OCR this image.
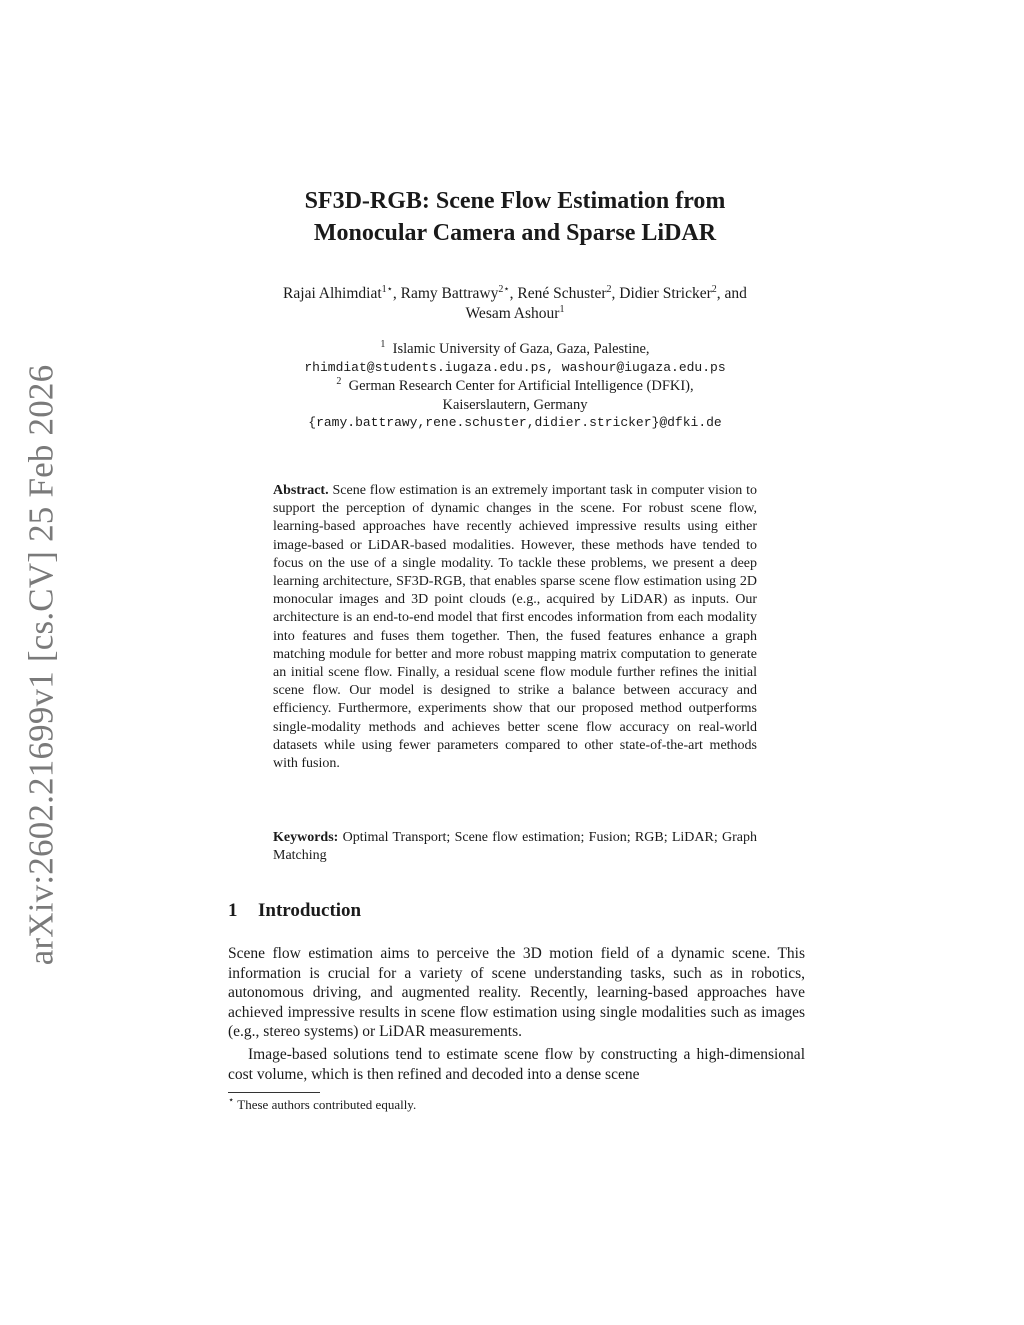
arXiv:2602.21699v1 [cs.CV] 25 Feb 2026
SF3D-RGB: Scene Flow Estimation from
Monocular Camera and Sparse LiDAR
Rajai Alhimdiat$^{1⋆}$, Ramy Battrawy$^{2⋆}$, René Schuster$^2$, Didier Stricker$^2$, and
Wesam Ashour$^1$
$^1$ Islamic University of Gaza, Gaza, Palestine,
rhimdiat@students.iugaza.edu.ps, washour@iugaza.edu.ps
$^2$ German Research Center for Artificial Intelligence (DFKI),
Kaiserslautern, Germany
{ramy.battrawy,rene.schuster,didier.stricker}@dfki.de
Abstract. Scene flow estimation is an extremely important task in computer vision to support the perception of dynamic changes in the scene. For robust scene flow, learning-based approaches have recently achieved impressive results using either image-based or LiDAR-based modalities. However, these methods have tended to focus on the use of a single modality. To tackle these problems, we present a deep learning architecture, SF3D-RGB, that enables sparse scene flow estimation using 2D monocular images and 3D point clouds (e.g., acquired by LiDAR) as inputs. Our architecture is an end-to-end model that first encodes information from each modality into features and fuses them together. Then, the fused features enhance a graph matching module for better and more robust mapping matrix computation to generate an initial scene flow. Finally, a residual scene flow module further refines the initial scene flow. Our model is designed to strike a balance between accuracy and efficiency. Furthermore, experiments show that our proposed method outperforms single-modality methods and achieves better scene flow accuracy on real-world datasets while using fewer parameters compared to other state-of-the-art methods with fusion.
Keywords: Optimal Transport; Scene flow estimation; Fusion; RGB; LiDAR; Graph Matching
1 Introduction

Scene flow estimation aims to perceive the 3D motion field of a dynamic scene. This information is crucial for a variety of scene understanding tasks, such as in robotics, autonomous driving, and augmented reality. Recently, learning-based approaches have achieved impressive results in scene flow estimation using single modalities such as images (e.g., stereo systems) or LiDAR measurements.

Image-based solutions tend to estimate scene flow by constructing a high-dimensional cost volume, which is then refined and decoded into a dense scene

⋆ These authors contributed equally.
